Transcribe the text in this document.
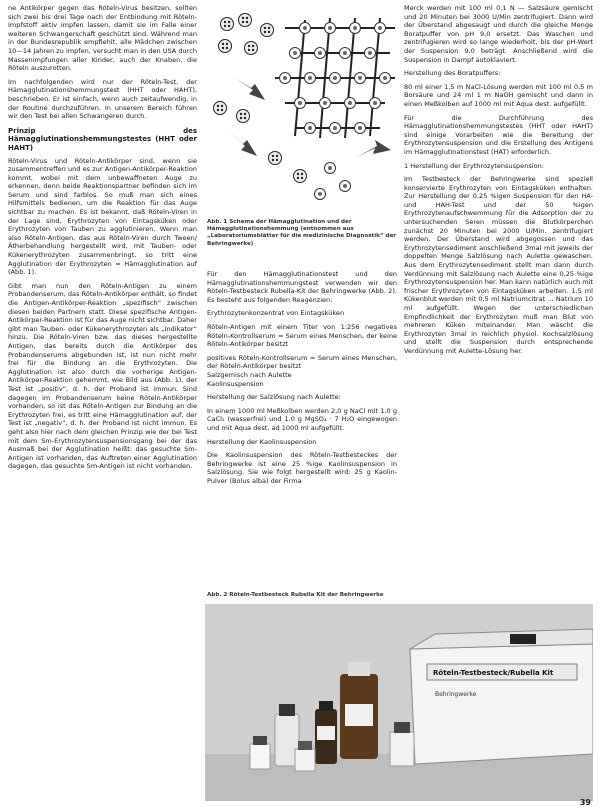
ne Antikörper gegen das Röteln-Virus besitzen, sollten sich zwei bis drei Tage nach der Entbindung mit Röteln-Impfstoff aktiv impfen lassen, damit sie im Falle einer weiteren Schwangerschaft geschützt sind. Während man in der Bundesrepublik empfiehlt, alle Mädchen zwischen 10—14 Jahren zu impfen, versucht man in den USA durch Massenimpfungen aller Kinder, auch der Knaben, die Röteln auszurotten.

Im nachfolgenden wird nur der Röteln-Test, der Hämagglutinationshemmungstest (HHT oder HAHT), beschrieben. Er ist einfach, wenn auch zeitaufwendig, in der Routine durchzuführen. In unserem Bereich führen wir den Test bei allen Schwangeren durch.

Prinzip des Hämagglutinationshemmungstestes (HHT oder HAHT)

Röteln-Virus und Röteln-Antikörper sind, wenn sie zusammentreffen und es zur Antigen-Antikörper-Reaktion kommt, wobei mit dem unbewaffneten Auge zu erkennen, denn beide Reaktionspartner befinden sich im Serum und sind farblos. So muß man sich eines Hilfsmittels bedienen, um die Reaktion für das Auge sichtbar zu machen. Es ist bekannt, daß Röteln-Viren in der Lage sind, Erythrozyten von Eintagsküken oder Erythrozyten von Tauben zu agglutinieren. Wenn man also Röteln-Antigen, das aus Röteln-Viren durch Tween/Ätherbehandlung hergestellt wird, mit Tauben- oder Kükenerythrozyten zusammenbringt, so tritt eine Agglutination der Erythrozyten = Hämagglutination auf (Abb. 1).

Gibt man nun den Röteln-Antigen zu einem Probandenserum, das Röteln-Antikörper enthält, so findet die Antigen-Antikörper-Reaktion „spezifisch“ zwischen diesen beiden Partnern statt. Diese spezifische Antigen-Antikörper-Reaktion ist für das Auge nicht sichtbar. Daher gibt man Tauben- oder Kükenerythrozyten als „Indikator“ hinzu. Die Röteln-Viren bzw. das dieses hergestellte Antigen, das bereits durch die Antikörper des Probandenserums abgebunden ist, ist nun nicht mehr frei für die Bindung an die Erythrozyten. Die Agglutination ist also durch die vorherige Antigen-Antikörper-Reaktion gehemmt, wie Bild aus (Abb. 1), der Test ist „positiv“, d. h. der Proband ist immun. Sind dagegen im Probandenserum keine Röteln-Antikörper vorhanden, so ist das Röteln-Antigen zur Bindung an die Erythrozyten frei, es tritt eine Hämagglutination auf, der Test ist „negativ“, d. h. der Proband ist nicht immun. Es geht also hier nach dem gleichen Prinzip wie der bei Test mit dem Sm-Erythrozytensuspensionsgang bei der das Ausmaß bei der Agglutination heißt: das gesuchte Sm-Antigen ist vorhanden, das Auftreten einer Agglutination dagegen, das gesuchte Sm-Antigen ist nicht vorhanden.

Abb. 1 Schema der Hämagglutination und der Hämagglutinationshemmung (entnommen aus „Laboratoriumsblätter für die medizinische Diagnostik“ der Behringwerke)

Für den Hämagglutinationstest und den Hämagglutinationshemmungstest verwenden wir den Röteln-Testbesteck Rubella-Kit der Behringwerke (Abb. 2). Es besteht aus folgenden Reagenzien:

Erythrozytenkonzentrat von Eintagsküken

Röteln-Antigen mit einem Titer von 1:256 negatives Röteln-Kontrollserum = Serum eines Menschen, der keine Röteln-Antikörper besitzt

positives Röteln-Kontrollserum = Serum eines Menschen, der Röteln-Antikörper besitzt

Salzgemisch nach Aulette

Kaolinsuspension

Herstellung der Salzlösung nach Aulette:

In einem 1000 ml Meßkolben werden 2,0 g NaCl mit 1,0 g CaCl₂ (wasserfrei) und 1,0 g MgSO₄ · 7 H₂O eingewogen und mit Aqua dest. ad 1000 ml aufgefüllt.

Herstellung der Kaolinsuspension

Die Kaolinsuspension des Röteln-Testbesteckes der Behringwerke ist eine 25 %ige Kaolinsuspension in Salzlösung. Sie wie folgt hergestellt wird: 25 g Kaolin-Pulver (Bolus alba) der Firma

Merck werden mit 100 ml 0,1 N — Salzsäure gemischt und 20 Minuten bei 3000 U/Min zentrifugiert. Dann wird der Überstand abgesaugt und durch die gleiche Menge Boratpuffer von pH 9,0 ersetzt. Das Waschen und zentrifugieren wird so lange wiederholt, bis der pH-Wert der Suspension 9,0 beträgt. Anschließend wird die Suspension in Dampf autoklaviert.

Herstellung des Boratpuffers:

80 ml einer 1,5 m NaCl-Lösung werden mit 100 ml 0,5 m Borsäure und 24 ml 1 m NaOH gemischt und dann in einen Meßkolben auf 1000 ml mit Aqua dest. aufgefüllt.

Für die Durchführung des Hämagglutinationshemmungstestes (HHT oder HAHT) sind einige Vorarbeiten wie die Bereitung der Erythrozytensuspension und die Erstellung des Antigens im Hämagglutinationstest (HAT) erforderlich.

1 Herstellung der Erythrozytensuspension:

Im Testbesteck der Behringwerke sind speziell konservierte Erythrozyten von Eintagsküken enthalten. Zur Herstellung der 0,25 %igen Suspension für den HA- und HAH-Test und der 50 %igen Erythrozytenaufschwemmung für die Adsorption der zu untersuchenden Seren müssen die Blutkörperchen zunächst 20 Minuten bei 2000 U/Min. zentrifugiert werden. Der Überstand wird abgegossen und das Erythrozytensediment anschließend 3mal mit jeweils der doppelten Menge Salzlösung nach Aulette gewaschen. Aus dem Erythrozytensediment stellt man dann durch Verdünnung mit Salzlösung nach Aulette eine 0,25 %ige Erythrozytensuspension her. Man kann natürlich auch mit frischer Erythrozyten von Eintagsküken arbeiten. 1,5 ml Kükenblut werden mit 0,5 ml Natriumcitrat ... Natrium 10 ml aufgefüllt. Wegen der unterschiedlichen Empfindlichkeit der Erythrozyten muß man Blut von mehreren Küken miteinander. Man wäscht die Erythrozyten 3mal in reichlich physiol. Kochsalzlösung und stellt die Suspension durch entsprechende Verdünnung mit Aulette-Lösung her.

Abb. 2 Röteln-Testbesteck Rubella Kit der Behringwerke
Röteln-Testbesteck/Rubella Kit
Behringwerke
39
